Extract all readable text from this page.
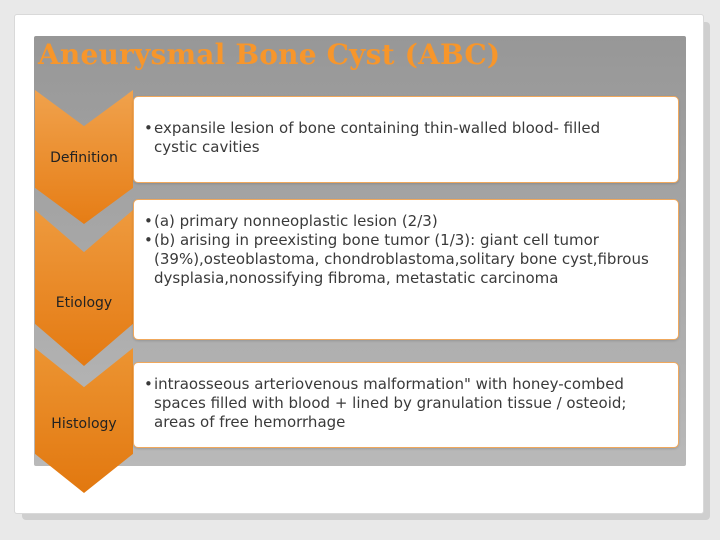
Aneurysmal Bone Cyst (ABC)
Definition
Etiology
Histology
• expansile lesion of bone containing thin-walled blood- filled cystic cavities
• (a) primary nonneoplastic lesion (2/3)
• (b) arising in preexisting bone tumor (1/3): giant cell tumor (39%),osteoblastoma, chondroblastoma,solitary bone cyst,fibrous dysplasia,nonossifying fibroma, metastatic carcinoma
• intraosseous arteriovenous malformation" with honey-combed spaces filled with blood + lined by granulation tissue / osteoid; areas of free hemorrhage
